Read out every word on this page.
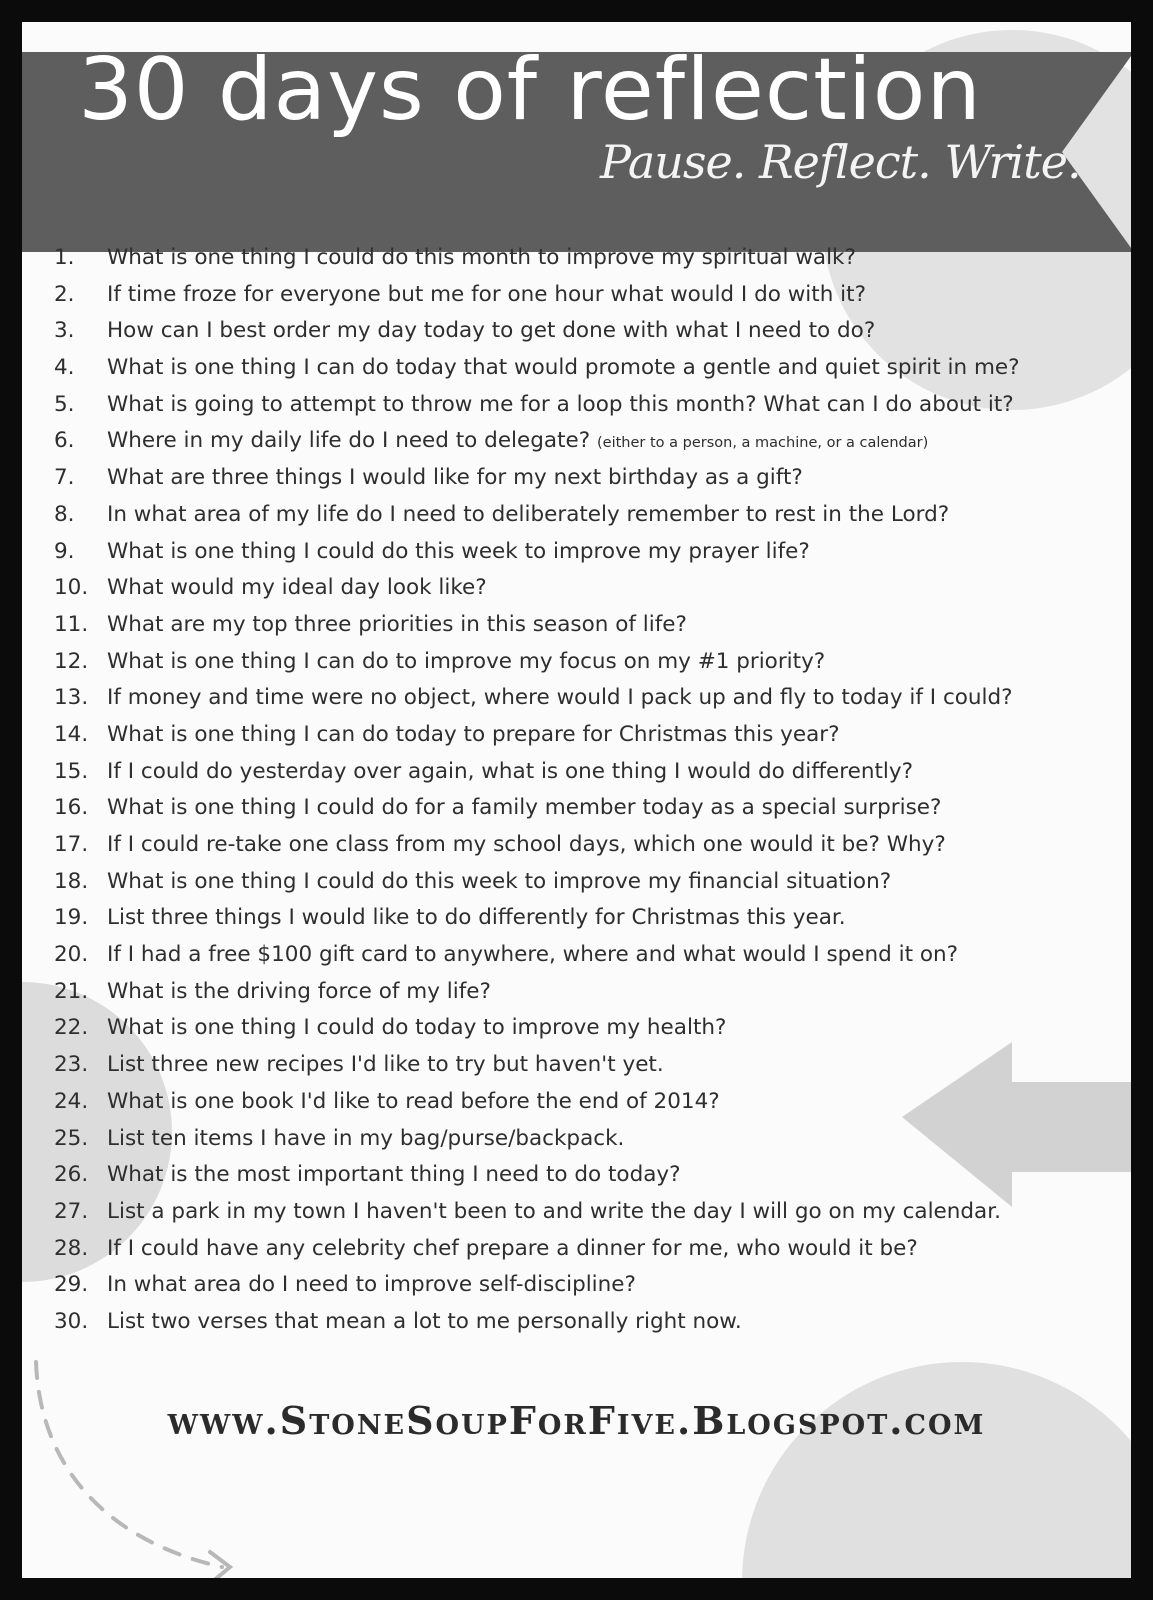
30 days of reflection
Pause. Reflect. Write.
1.	What is one thing I could do this month to improve my spiritual walk?
2.	If time froze for everyone but me for one hour what would I do with it?
3.	How can I best order my day today to get done with what I need to do?
4.	What is one thing I can do today that would promote a gentle and quiet spirit in me?
5.	What is going to attempt to throw me for a loop this month? What can I do about it?
6.	Where in my daily life do I need to delegate? (either to a person, a machine, or a calendar)
7.	What are three things I would like for my next birthday as a gift?
8.	In what area of my life do I need to deliberately remember to rest in the Lord?
9.	What is one thing I could do this week to improve my prayer life?
10. What would my ideal day look like?
11. What are my top three priorities in this season of life?
12. What is one thing I can do to improve my focus on my #1 priority?
13. If money and time were no object, where would I pack up and fly to today if I could?
14. What is one thing I can do today to prepare for Christmas this year?
15. If I could do yesterday over again, what is one thing I would do differently?
16. What is one thing I could do for a family member today as a special surprise?
17. If I could re-take one class from my school days, which one would it be? Why?
18. What is one thing I could do this week to improve my financial situation?
19. List three things I would like to do differently for Christmas this year.
20. If I had a free $100 gift card to anywhere, where and what would I spend it on?
21. What is the driving force of my life?
22. What is one thing I could do today to improve my health?
23. List three new recipes I'd like to try but haven't yet.
24. What is one book I'd like to read before the end of 2014?
25. List ten items I have in my bag/purse/backpack.
26. What is the most important thing I need to do today?
27. List a park in my town I haven't been to and write the day I will go on my calendar.
28. If I could have any celebrity chef prepare a dinner for me, who would it be?
29. In what area do I need to improve self-discipline?
30. List two verses that mean a lot to me personally right now.
www.StoneSoupForFive.Blogspot.com
